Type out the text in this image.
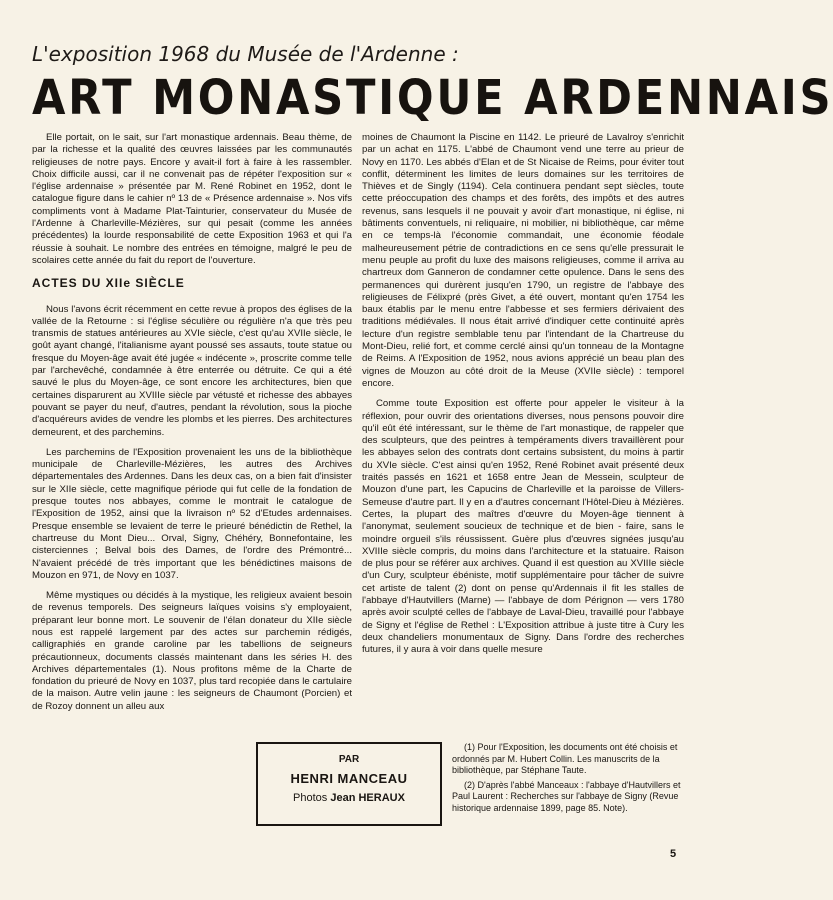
L'exposition 1968 du Musée de l'Ardenne :
ART MONASTIQUE ARDENNAIS

Elle portait, on le sait, sur l'art monastique ardennais. Beau thème, de par la richesse et la qualité des œuvres laissées par les communautés religieuses de notre pays. Encore y avait-il fort à faire à les rassembler. Choix difficile aussi, car il ne convenait pas de répéter l'exposition sur « l'église ardennaise » présentée par M. René Robinet en 1952, dont le catalogue figure dans le cahier nº 13 de « Présence ardennaise ». Nos vifs compliments vont à Madame Plat-Tainturier, conservateur du Musée de l'Ardenne à Charleville-Mézières, sur qui pesait (comme les années précédentes) la lourde responsabilité de cette Exposition 1963 et qui l'a réussie à souhait. Le nombre des entrées en témoigne, malgré le peu de scolaires cette année du fait du report de l'ouverture.

ACTES DU XIIe SIÈCLE

Nous l'avons écrit récemment en cette revue à propos des églises de la vallée de la Retourne : si l'église séculière ou régulière n'a que très peu transmis de statues antérieures au XVIe siècle, c'est qu'au XVIIe siècle, le goût ayant changé, l'italianisme ayant poussé ses assauts, toute statue ou fresque du Moyen-âge avait été jugée « indécente », proscrite comme telle par l'archevêché, condamnée à être enterrée ou détruite. Ce qui a été sauvé le plus du Moyen-âge, ce sont encore les architectures, bien que certaines disparurent au XVIIIe siècle par vétusté et richesse des abbayes pouvant se payer du neuf, d'autres, pendant la révolution, sous la pioche d'acquéreurs avides de vendre les plombs et les pierres. Des architectures demeurent, et des parchemins.

Les parchemins de l'Exposition provenaient les uns de la bibliothèque municipale de Charleville-Mézières, les autres des Archives départementales des Ardennes. Dans les deux cas, on a bien fait d'insister sur le XIIe siècle, cette magnifique période qui fut celle de la fondation de presque toutes nos abbayes, comme le montrait le catalogue de l'Exposition de 1952, ainsi que la livraison nº 52 d'Etudes ardennaises. Presque ensemble se levaient de terre le prieuré bénédictin de Rethel, la chartreuse du Mont Dieu... Orval, Signy, Chéhéry, Bonnefontaine, les cisterciennes ; Belval bois des Dames, de l'ordre des Prémontré... N'avaient précédé de très important que les bénédictines maisons de Mouzon en 971, de Novy en 1037.

Même mystiques ou décidés à la mystique, les religieux avaient besoin de revenus temporels. Des seigneurs laïques voisins s'y employaient, préparant leur bonne mort. Le souvenir de l'élan donateur du XIIe siècle nous est rappelé largement par des actes sur parchemin rédigés, calligraphiés en grande caroline par les tabellions de seigneurs précautionneux, documents classés maintenant dans les séries H. des Archives départementales (1). Nous profitons même de la Charte de fondation du prieuré de Novy en 1037, plus tard recopiée dans le cartulaire de la maison. Autre velin jaune : les seigneurs de Chaumont (Porcien) et de Rozoy donnent un alleu aux

moines de Chaumont la Piscine en 1142. Le prieuré de Lavalroy s'enrichit par un achat en 1175. L'abbé de Chaumont vend une terre au prieur de Novy en 1170. Les abbés d'Elan et de St Nicaise de Reims, pour éviter tout conflit, déterminent les limites de leurs domaines sur les territoires de Thièves et de Singly (1194). Cela continuera pendant sept siècles, toute cette préoccupation des champs et des forêts, des impôts et des autres revenus, sans lesquels il ne pouvait y avoir d'art monastique, ni église, ni bâtiments conventuels, ni reliquaire, ni mobilier, ni bibliothèque, car même en ce temps-là l'économie commandait, une économie féodale malheureusement pétrie de contradictions en ce sens qu'elle pressurait le menu peuple au profit du luxe des maisons religieuses, comme il arriva au chartreux dom Ganneron de condamner cette opulence. Dans le sens des permanences qui durèrent jusqu'en 1790, un registre de l'abbaye des religieuses de Félixpré (près Givet, a été ouvert, montant qu'en 1754 les baux établis par le menu entre l'abbesse et ses fermiers dérivaient des traditions médiévales. Il nous était arrivé d'indiquer cette continuité après lecture d'un registre semblable tenu par l'intendant de la Chartreuse du Mont-Dieu, relié fort, et comme cerclé ainsi qu'un tonneau de la Montagne de Reims. A l'Exposition de 1952, nous avions apprécié un beau plan des vignes de Mouzon au côté droit de la Meuse (XVIIe siècle) : temporel encore.

Comme toute Exposition est offerte pour appeler le visiteur à la réflexion, pour ouvrir des orientations diverses, nous pensons pouvoir dire qu'il eût été intéressant, sur le thème de l'art monastique, de rappeler que des sculpteurs, que des peintres à tempéraments divers travaillèrent pour les abbayes selon des contrats dont certains subsistent, du moins à partir du XVIe siècle. C'est ainsi qu'en 1952, René Robinet avait présenté deux traités passés en 1621 et 1658 entre Jean de Messein, sculpteur de Mouzon d'une part, les Capucins de Charleville et la paroisse de Villers-Semeuse d'autre part. Il y en a d'autres concernant l'Hôtel-Dieu à Mézières. Certes, la plupart des maîtres d'œuvre du Moyen-âge tiennent à l'anonymat, seulement soucieux de technique et de bien - faire, sans le moindre orgueil s'ils réussissent. Guère plus d'œuvres signées jusqu'au XVIIIe siècle compris, du moins dans l'architecture et la statuaire. Raison de plus pour se référer aux archives. Quand il est question au XVIIIe siècle d'un Cury, sculpteur ébéniste, motif supplémentaire pour tâcher de suivre cet artiste de talent (2) dont on pense qu'Ardennais il fit les stalles de l'abbaye d'Hautvillers (Marne) — l'abbaye de dom Pérignon — vers 1780 après avoir sculpté celles de l'abbaye de Laval-Dieu, travaillé pour l'abbaye de Signy et l'église de Rethel : L'Exposition attribue à juste titre à Cury les deux chandeliers monumentaux de Signy. Dans l'ordre des recherches futures, il y aura à voir dans quelle mesure

PAR
HENRI MANCEAU
Photos Jean HERAUX

(1) Pour l'Exposition, les documents ont été choisis et ordonnés par M. Hubert Collin. Les manuscrits de la bibliothèque, par Stéphane Taute.

(2) D'après l'abbé Manceaux : l'abbaye d'Hautvillers et Paul Laurent : Recherches sur l'abbaye de Signy (Revue historique ardennaise 1899, page 85. Note).

5
